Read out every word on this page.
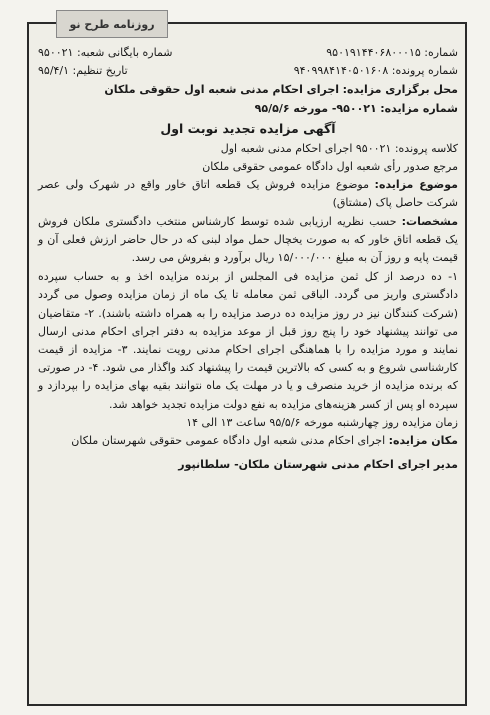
روزنامه طرح نو
شماره: ۹۵۰۱۹۱۴۴۰۶۸۰۰۰۱۵
شماره بایگانی شعبه: ۹۵۰۰۲۱
شماره پرونده: ۹۴۰۹۹۸۴۱۴۰۵۰۱۶۰۸
تاریخ تنظیم: ۹۵/۴/۱

محل برگزاری مزایده: اجرای احکام مدنی شعبه اول حقوقی ملکان

شماره مزایده: ۹۵۰۰۲۱- مورخه ۹۵/۵/۶

آگهی مزایده تجدید نوبت اول

کلاسه پرونده: ۹۵۰۰۲۱ اجرای احکام مدنی شعبه اول

مرجع صدور رأی شعبه اول دادگاه عمومی حقوقی ملکان

موضوع مزایده: موضوع مزایده فروش یک قطعه اتاق خاور واقع در شهرک ولی عصر شرکت حاصل پاک (مشتاق)

مشخصات: حسب نظریه ارزیابی شده توسط کارشناس منتخب دادگستری ملکان فروش یک قطعه اتاق خاور که به صورت یخچال حمل مواد لبنی که در حال حاضر ارزش فعلی آن و قیمت پایه و روز آن به مبلغ ۱۵/۰۰۰/۰۰۰ ریال برآورد و بفروش می رسد.

۱- ده درصد از کل ثمن مزایده فی المجلس از برنده مزایده اخذ و به حساب سپرده دادگستری واریز می گردد. الباقی ثمن معامله تا یک ماه از زمان مزایده وصول می گردد (شرکت کنندگان نیز در روز مزایده ده درصد مزایده را به همراه داشته باشند). ۲- متقاضیان می توانند پیشنهاد خود را پنج روز قبل از موعد مزایده به دفتر اجرای احکام مدنی ارسال نمایند و مورد مزایده را با هماهنگی اجرای احکام مدنی رویت نمایند. ۳- مزایده از قیمت کارشناسی شروع و به کسی که بالاترین قیمت را پیشنهاد کند واگذار می شود. ۴- در صورتی که برنده مزایده از خرید منصرف و یا در مهلت یک ماه نتوانند بقیه بهای مزایده را بپردازد و سپرده او پس از کسر هزینه‌های مزایده به نفع دولت مزایده تجدید خواهد شد.

زمان مزایده روز چهارشنبه مورخه ۹۵/۵/۶ ساعت ۱۳ الی ۱۴

مکان مزایده: اجرای احکام مدنی شعبه اول دادگاه عمومی حقوقی شهرستان ملکان

مدیر اجرای احکام مدنی شهرستان ملکان- سلطانپور
